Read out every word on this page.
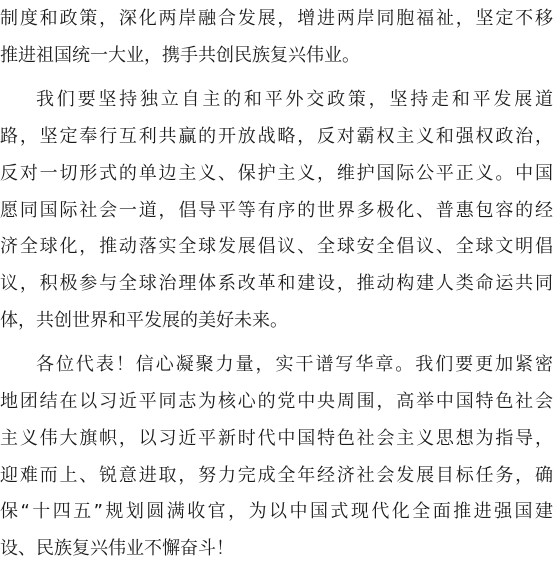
制度和政策，深化两岸融合发展，增进两岸同胞福祉，坚定不移
推进祖国统一大业，携手共创民族复兴伟业。
我们要坚持独立自主的和平外交政策，坚持走和平发展道
路，坚定奉行互利共赢的开放战略，反对霸权主义和强权政治，
反对一切形式的单边主义、保护主义，维护国际公平正义。中国
愿同国际社会一道，倡导平等有序的世界多极化、普惠包容的经
济全球化，推动落实全球发展倡议、全球安全倡议、全球文明倡
议，积极参与全球治理体系改革和建设，推动构建人类命运共同
体，共创世界和平发展的美好未来。
各位代表！信心凝聚力量，实干谱写华章。我们要更加紧密
地团结在以习近平同志为核心的党中央周围，高举中国特色社会
主义伟大旗帜，以习近平新时代中国特色社会主义思想为指导，
迎难而上、锐意进取，努力完成全年经济社会发展目标任务，确
保“十四五”规划圆满收官，为以中国式现代化全面推进强国建
设、民族复兴伟业不懈奋斗！
